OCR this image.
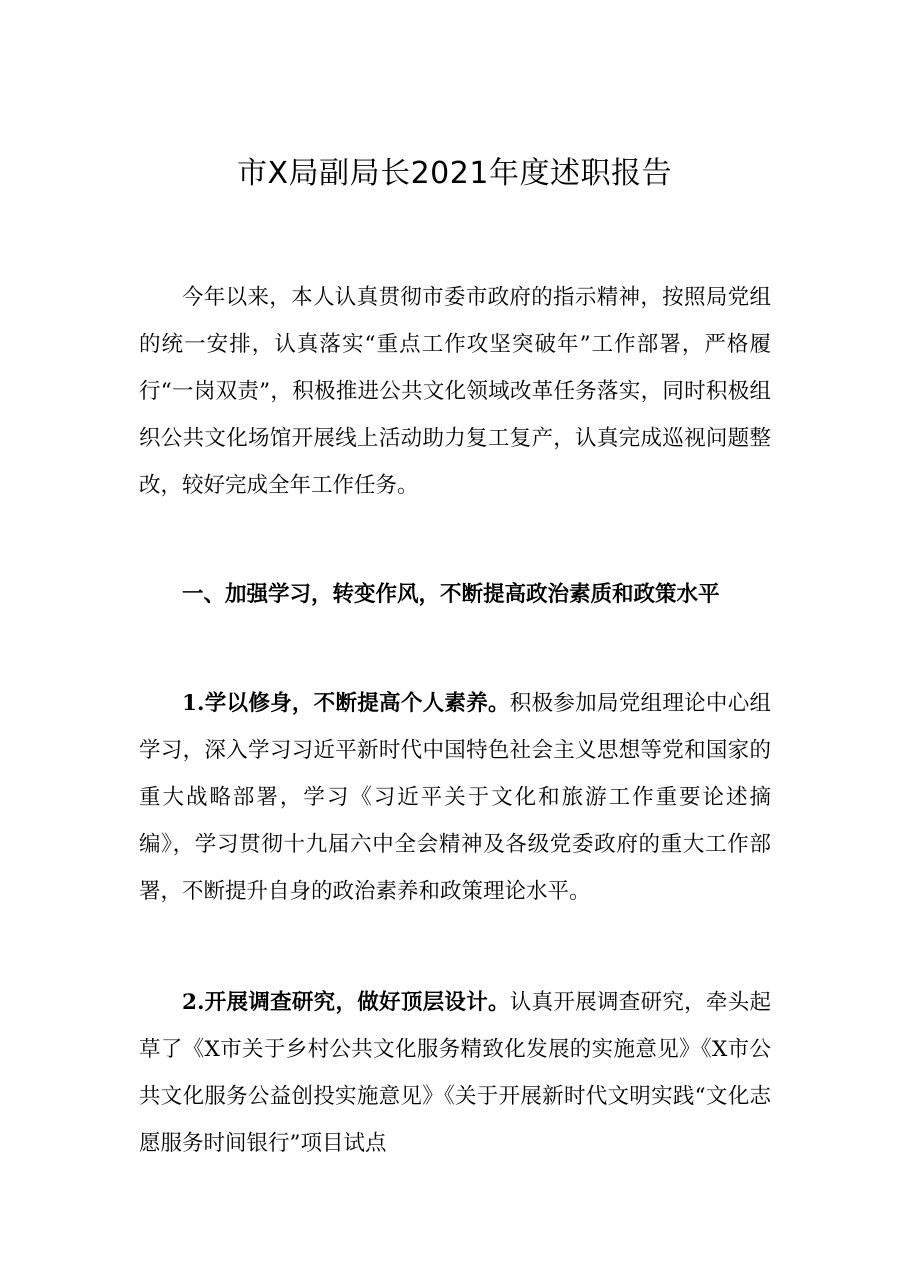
市X局副局长2021年度述职报告

今年以来，本人认真贯彻市委市政府的指示精神，按照局党组的统一安排，认真落实“重点工作攻坚突破年”工作部署，严格履行“一岗双责”，积极推进公共文化领域改革任务落实，同时积极组织公共文化场馆开展线上活动助力复工复产，认真完成巡视问题整改，较好完成全年工作任务。

一、加强学习，转变作风，不断提高政治素质和政策水平

1.学以修身，不断提高个人素养。积极参加局党组理论中心组学习，深入学习习近平新时代中国特色社会主义思想等党和国家的重大战略部署，学习《习近平关于文化和旅游工作重要论述摘编》，学习贯彻十九届六中全会精神及各级党委政府的重大工作部署，不断提升自身的政治素养和政策理论水平。

2.开展调查研究，做好顶层设计。认真开展调查研究，牵头起草了《X市关于乡村公共文化服务精致化发展的实施意见》《X市公共文化服务公益创投实施意见》《关于开展新时代文明实践“文化志愿服务时间银行”项目试点
